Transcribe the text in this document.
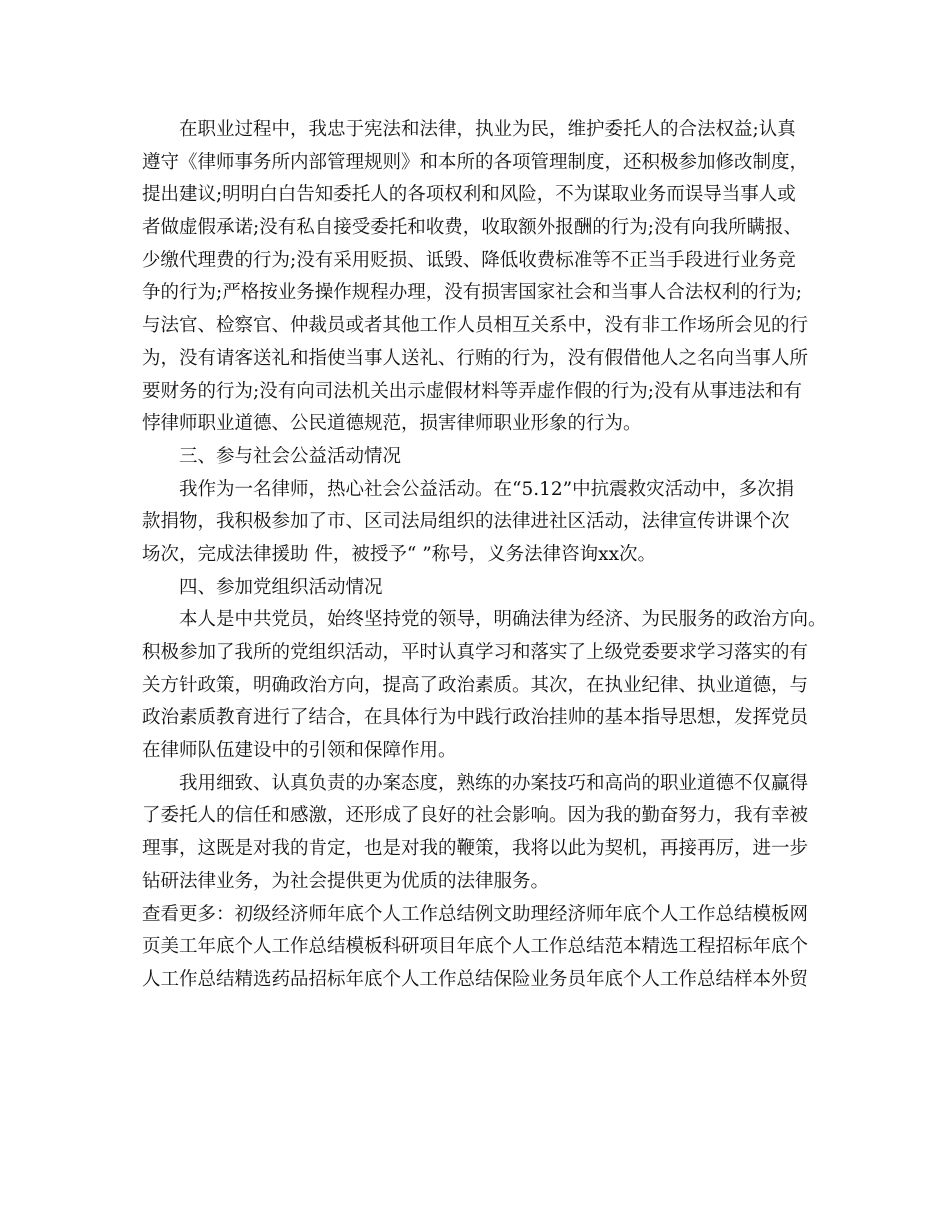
在职业过程中，我忠于宪法和法律，执业为民，维护委托人的合法权益;认真
遵守《律师事务所内部管理规则》和本所的各项管理制度，还积极参加修改制度，
提出建议;明明白白告知委托人的各项权利和风险，不为谋取业务而误导当事人或
者做虚假承诺;没有私自接受委托和收费，收取额外报酬的行为;没有向我所瞒报、
少缴代理费的行为;没有采用贬损、诋毁、降低收费标准等不正当手段进行业务竞
争的行为;严格按业务操作规程办理，没有损害国家社会和当事人合法权利的行为;
与法官、检察官、仲裁员或者其他工作人员相互关系中，没有非工作场所会见的行
为，没有请客送礼和指使当事人送礼、行贿的行为，没有假借他人之名向当事人所
要财务的行为;没有向司法机关出示虚假材料等弄虚作假的行为;没有从事违法和有
悖律师职业道德、公民道德规范，损害律师职业形象的行为。
三、参与社会公益活动情况
我作为一名律师，热心社会公益活动。在“5.12”中抗震救灾活动中，多次捐
款捐物，我积极参加了市、区司法局组织的法律进社区活动，法律宣传讲课个次
场次，完成法律援助 件，被授予“ ”称号，义务法律咨询xx次。
四、参加党组织活动情况
本人是中共党员，始终坚持党的领导，明确法律为经济、为民服务的政治方向。
积极参加了我所的党组织活动，平时认真学习和落实了上级党委要求学习落实的有
关方针政策，明确政治方向，提高了政治素质。其次，在执业纪律、执业道德，与
政治素质教育进行了结合，在具体行为中践行政治挂帅的基本指导思想，发挥党员
在律师队伍建设中的引领和保障作用。
我用细致、认真负责的办案态度，熟练的办案技巧和高尚的职业道德不仅赢得
了委托人的信任和感激，还形成了良好的社会影响。因为我的勤奋努力，我有幸被
理事，这既是对我的肯定，也是对我的鞭策，我将以此为契机，再接再厉，进一步
钻研法律业务，为社会提供更为优质的法律服务。
查看更多：初级经济师年底个人工作总结例文助理经济师年底个人工作总结模板网
页美工年底个人工作总结模板科研项目年底个人工作总结范本精选工程招标年底个
人工作总结精选药品招标年底个人工作总结保险业务员年底个人工作总结样本外贸
